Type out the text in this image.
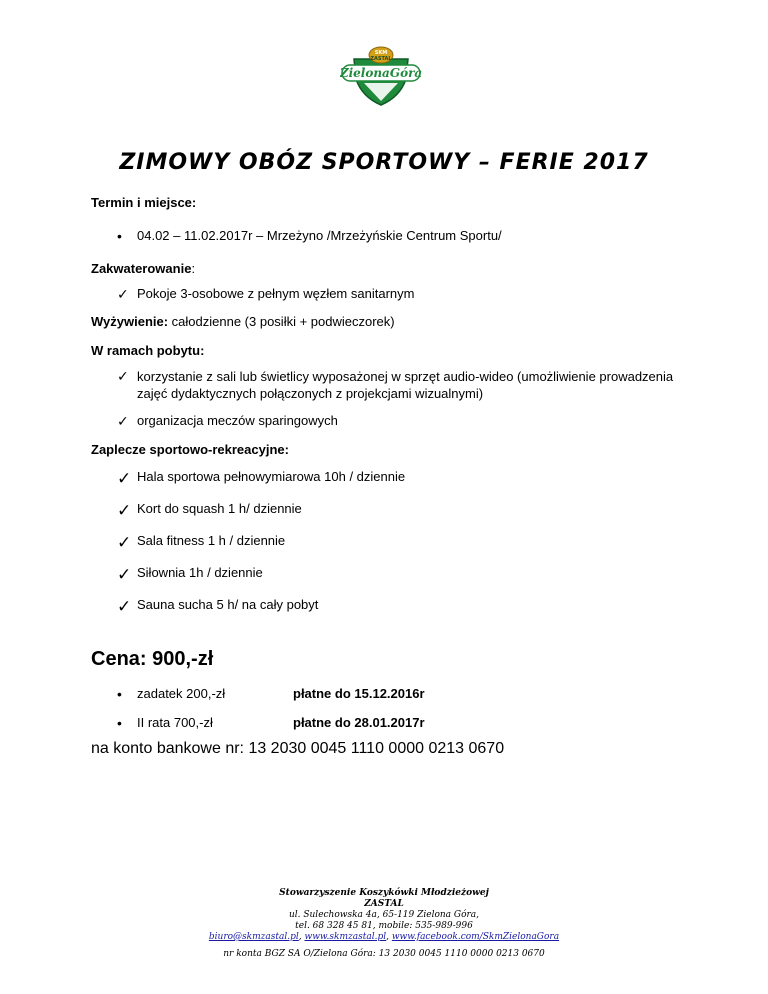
SKM
ZASTAL
ZielonaGóra
ZIMOWY OBÓZ SPORTOWY – FERIE 2017
Termin i miejsce:
•
04.02 – 11.02.2017r – Mrzeżyno /Mrzeżyńskie Centrum Sportu/
Zakwaterowanie:
✓
Pokoje 3-osobowe z pełnym węzłem sanitarnym
Wyżywienie: całodzienne (3 posiłki + podwieczorek)
W ramach pobytu:
✓
korzystanie z sali lub świetlicy wyposażonej w sprzęt audio-wideo (umożliwienie prowadzenia zajęć dydaktycznych połączonych z projekcjami wizualnymi)
✓
organizacja meczów sparingowych
Zaplecze sportowo-rekreacyjne:
✓
Hala sportowa pełnowymiarowa 10h / dziennie
✓
Kort do squash 1 h/ dziennie
✓
Sala fitness 1 h / dziennie
✓
Siłownia 1h / dziennie
✓
Sauna sucha 5 h/ na cały pobyt
Cena: 900,-zł
•
zadatek 200,-zł	płatne do 15.12.2016r
•
II rata 700,-zł	płatne do 28.01.2017r
na konto bankowe nr: 13 2030 0045 1110 0000 0213 0670
Stowarzyszenie Koszykówki Młodzieżowej
ZASTAL
ul. Sulechowska 4a, 65-119 Zielona Góra,
tel. 68 328 45 81, mobile: 535-989-996
biuro@skmzastal.pl, www.skmzastal.pl, www.facebook.com/SkmZielonaGora
nr konta BGZ SA O/Zielona Góra: 13 2030 0045 1110 0000 0213 0670
